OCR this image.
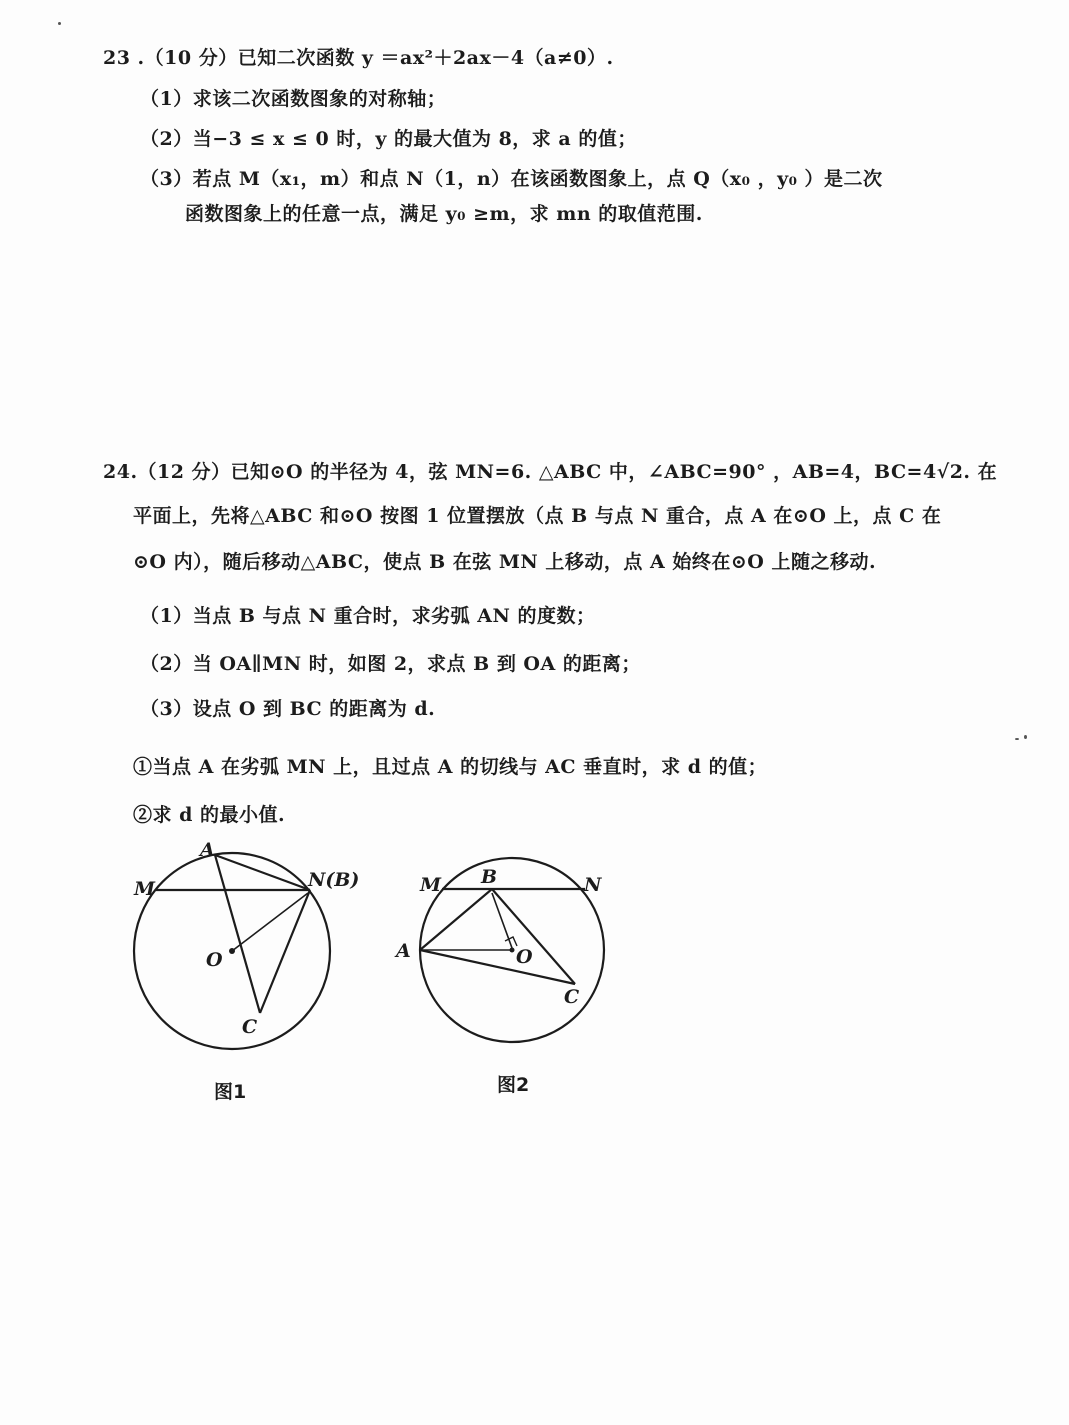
23 .（10 分）已知二次函数 y ＝ax²＋2ax－4（a≠0）.
（1）求该二次函数图象的对称轴；
（2）当−3 ≤ x ≤ 0 时，y 的最大值为 8，求 a 的值；
（3）若点 M（x₁，m）和点 N（1，n）在该函数图象上，点 Q（x₀ ，y₀ ）是二次
函数图象上的任意一点，满足 y₀ ≥m，求 mn 的取值范围.
24.（12 分）已知⊙O 的半径为 4，弦 MN=6. △ABC 中，∠ABC=90° ，AB=4，BC=4√2. 在
平面上，先将△ABC 和⊙O 按图 1 位置摆放（点 B 与点 N 重合，点 A 在⊙O 上，点 C 在
⊙O 内），随后移动△ABC，使点 B 在弦 MN 上移动，点 A 始终在⊙O 上随之移动.
（1）当点 B 与点 N 重合时，求劣弧 AN 的度数；
（2）当 OA∥MN 时，如图 2，求点 B 到 OA 的距离；
（3）设点 O 到 BC 的距离为 d.
①当点 A 在劣弧 MN 上，且过点 A 的切线与 AC 垂直时，求 d 的值；
②求 d 的最小值.
A
M	N(B)
O
C
图1
M B	N
A	O
C
图2
